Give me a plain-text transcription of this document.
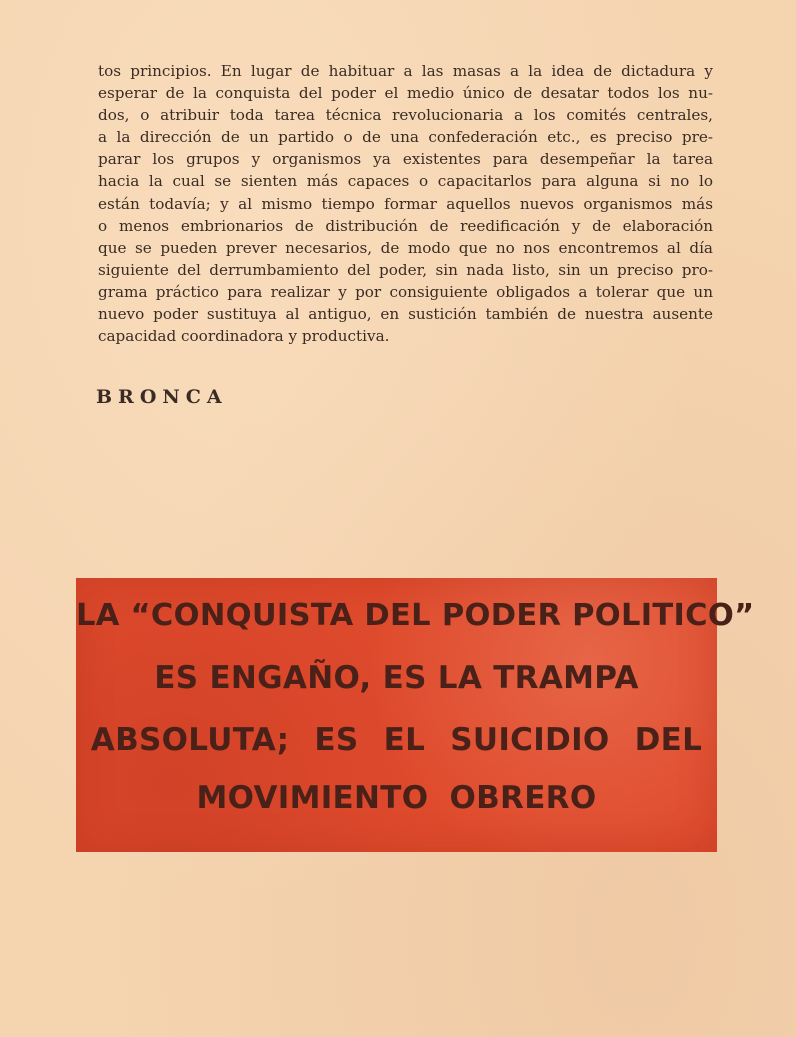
tos principios. En lugar de habituar a las masas a la idea de dictadura y
esperar de la conquista del poder el medio único de desatar todos los nu-
dos, o atribuir toda tarea técnica revolucionaria a los comités centrales,
a la dirección de un partido o de una confederación etc., es preciso pre-
parar los grupos y organismos ya existentes para desempeñar la tarea
hacia la cual se sienten más capaces o capacitarlos para alguna si no lo
están todavía; y al mismo tiempo formar aquellos nuevos organismos más
o menos embrionarios de distribución de reedificación y de elaboración
que se pueden prever necesarios, de modo que no nos encontremos al día
siguiente del derrumbamiento del poder, sin nada listo, sin un preciso pro-
grama práctico para realizar y por consiguiente obligados a tolerar que un
nuevo poder sustituya al antiguo, en sustición también de nuestra ausente
capacidad coordinadora y productiva.
BRONCA
LA “CONQUISTA DEL PODER POLITICO”
ES ENGAÑO, ES LA TRAMPA
ABSOLUTA; ES EL SUICIDIO DEL
MOVIMIENTO OBRERO
